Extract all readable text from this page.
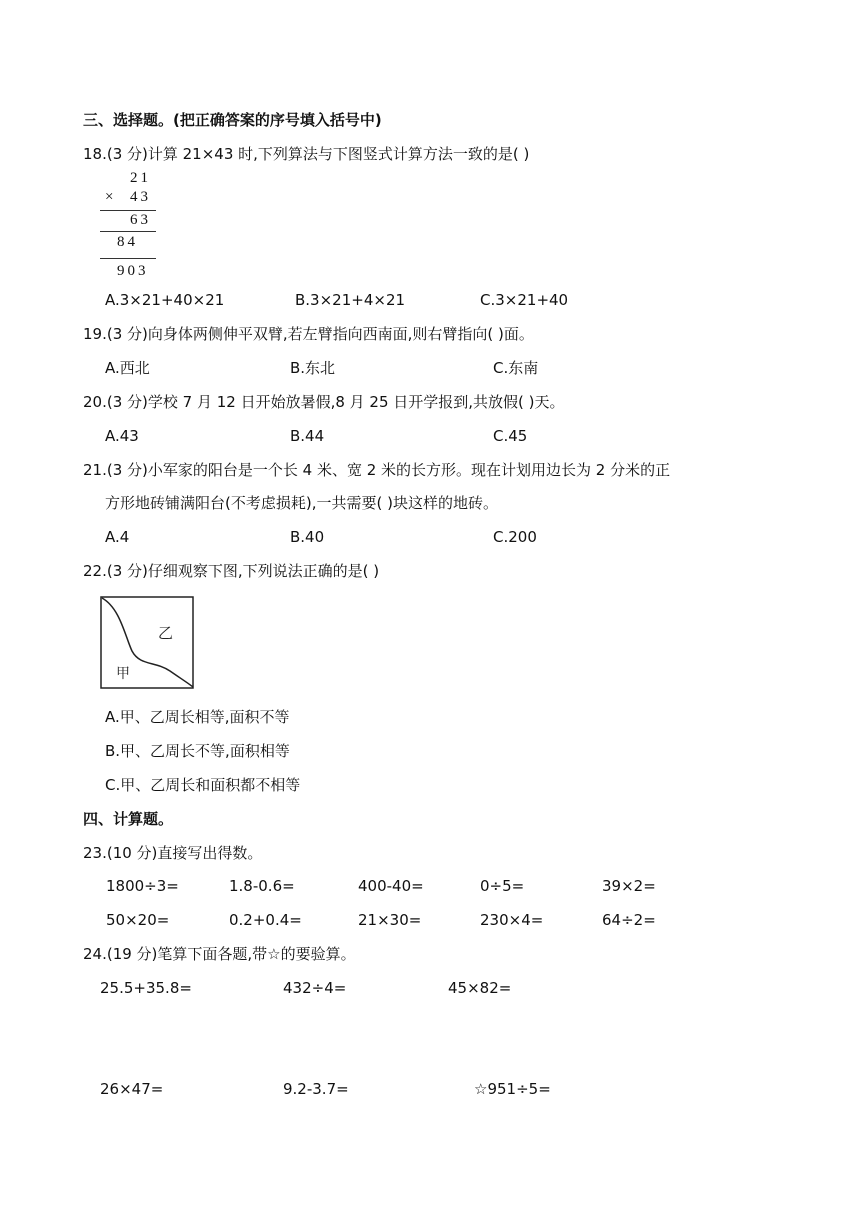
三、选择题。(把正确答案的序号填入括号中)
18.(3 分)计算 21×43 时,下列算法与下图竖式计算方法一致的是( )
21
× 43
63
84
903
A.3×21+40×21	B.3×21+4×21	C.3×21+40
19.(3 分)向身体两侧伸平双臂,若左臂指向西南面,则右臂指向( )面。
A.西北	B.东北	C.东南
20.(3 分)学校 7 月 12 日开始放暑假,8 月 25 日开学报到,共放假( )天。
A.43	B.44	C.45
21.(3 分)小军家的阳台是一个长 4 米、宽 2 米的长方形。现在计划用边长为 2 分米的正
方形地砖铺满阳台(不考虑损耗),一共需要( )块这样的地砖。
A.4	B.40	C.200
22.(3 分)仔细观察下图,下列说法正确的是( )
乙
甲
A.甲、乙周长相等,面积不等
B.甲、乙周长不等,面积相等
C.甲、乙周长和面积都不相等
四、计算题。
23.(10 分)直接写出得数。
1800÷3=	1.8-0.6=	400-40=	0÷5=	39×2=
50×20=	0.2+0.4=	21×30=	230×4=	64÷2=
24.(19 分)笔算下面各题,带☆的要验算。
25.5+35.8=	432÷4=	45×82=
26×47=	9.2-3.7=	☆951÷5=
